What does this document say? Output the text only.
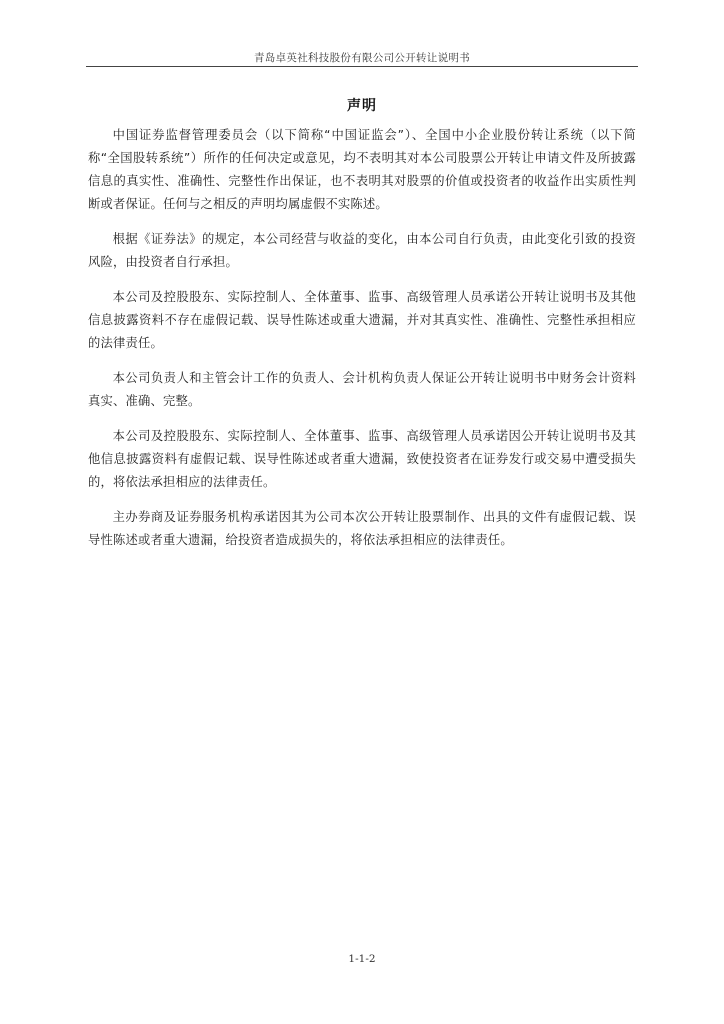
青岛卓英社科技股份有限公司公开转让说明书
声明

中国证券监督管理委员会（以下简称“中国证监会”）、全国中小企业股份转让系统（以下简称“全国股转系统”）所作的任何决定或意见，均不表明其对本公司股票公开转让申请文件及所披露信息的真实性、准确性、完整性作出保证，也不表明其对股票的价值或投资者的收益作出实质性判断或者保证。任何与之相反的声明均属虚假不实陈述。

根据《证券法》的规定，本公司经营与收益的变化，由本公司自行负责，由此变化引致的投资风险，由投资者自行承担。

本公司及控股股东、实际控制人、全体董事、监事、高级管理人员承诺公开转让说明书及其他信息披露资料不存在虚假记载、误导性陈述或重大遗漏，并对其真实性、准确性、完整性承担相应的法律责任。

本公司负责人和主管会计工作的负责人、会计机构负责人保证公开转让说明书中财务会计资料真实、准确、完整。

本公司及控股股东、实际控制人、全体董事、监事、高级管理人员承诺因公开转让说明书及其他信息披露资料有虚假记载、误导性陈述或者重大遗漏，致使投资者在证券发行或交易中遭受损失的，将依法承担相应的法律责任。

主办券商及证券服务机构承诺因其为公司本次公开转让股票制作、出具的文件有虚假记载、误导性陈述或者重大遗漏，给投资者造成损失的，将依法承担相应的法律责任。

1-1-2
